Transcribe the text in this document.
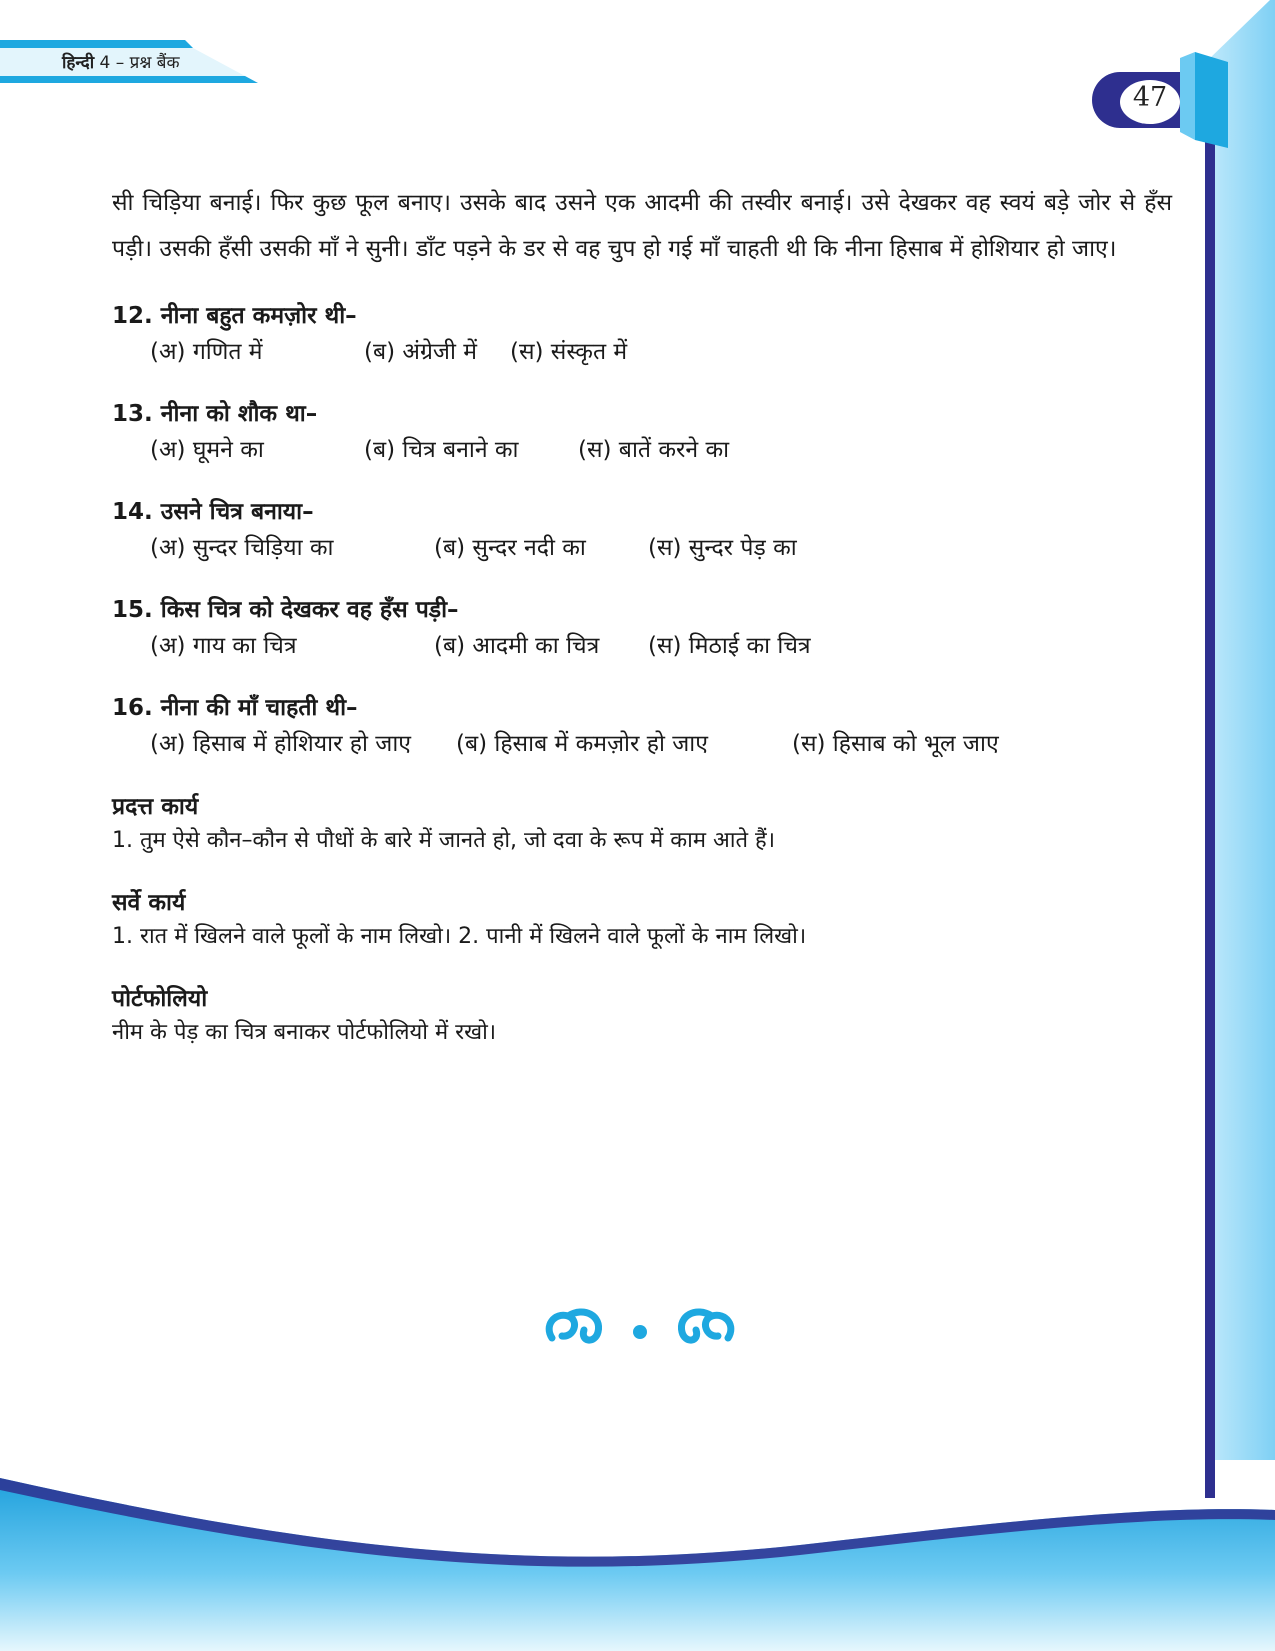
हिन्दी 4 – प्रश्न बैंक
47

सी चिड़िया बनाई। फिर कुछ फूल बनाए। उसके बाद उसने एक आदमी की तस्वीर बनाई। उसे देखकर वह स्वयं बड़े जोर से हँस पड़ी। उसकी हँसी उसकी माँ ने सुनी। डाँट पड़ने के डर से वह चुप हो गई माँ चाहती थी कि नीना हिसाब में होशियार हो जाए।

12. नीना बहुत कमज़ोर थी–

(अ) गणित में	(ब) अंग्रेजी में (स) संस्कृत में

13. नीना को शौक था–

(अ) घूमने का	(ब) चित्र बनाने का	(स) बातें करने का

14. उसने चित्र बनाया–

(अ) सुन्दर चिड़िया का	(ब) सुन्दर नदी का	(स) सुन्दर पेड़ का

15. किस चित्र को देखकर वह हँस पड़ी–

(अ) गाय का चित्र	(ब) आदमी का चित्र (स) मिठाई का चित्र

16. नीना की माँ चाहती थी–

(अ) हिसाब में होशियार हो जाए (ब) हिसाब में कमज़ोर हो जाए	(स) हिसाब को भूल जाए

प्रदत्त कार्य

1. तुम ऐसे कौन–कौन से पौधों के बारे में जानते हो, जो दवा के रूप में काम आते हैं।

सर्वे कार्य

1. रात में खिलने वाले फूलों के नाम लिखो। 2. पानी में खिलने वाले फूलों के नाम लिखो।

पोर्टफोलियो

नीम के पेड़ का चित्र बनाकर पोर्टफोलियो में रखो।
